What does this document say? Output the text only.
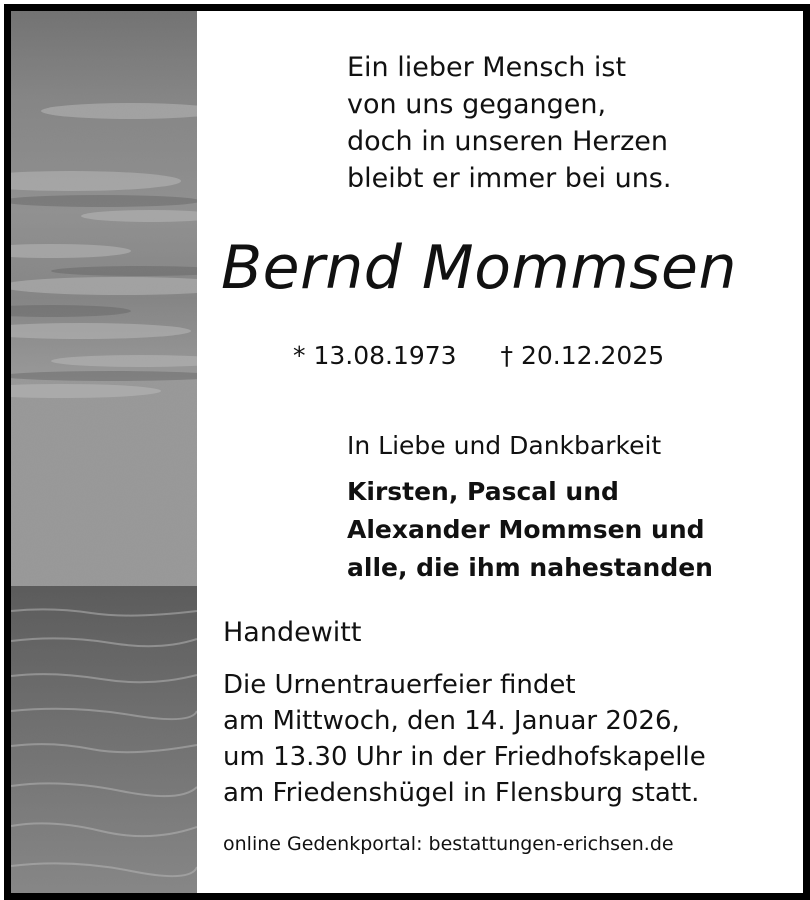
Ein lieber Mensch ist
von uns gegangen,
doch in unseren Herzen
bleibt er immer bei uns.
Bernd Mommsen
* 13.08.1973 † 20.12.2025
In Liebe und Dankbarkeit
Kirsten, Pascal und
Alexander Mommsen und
alle, die ihm nahestanden
Handewitt
Die Urnentrauerfeier findet
am Mittwoch, den 14. Januar 2026,
um 13.30 Uhr in der Friedhofskapelle
am Friedenshügel in Flensburg statt.
online Gedenkportal: bestattungen-erichsen.de
